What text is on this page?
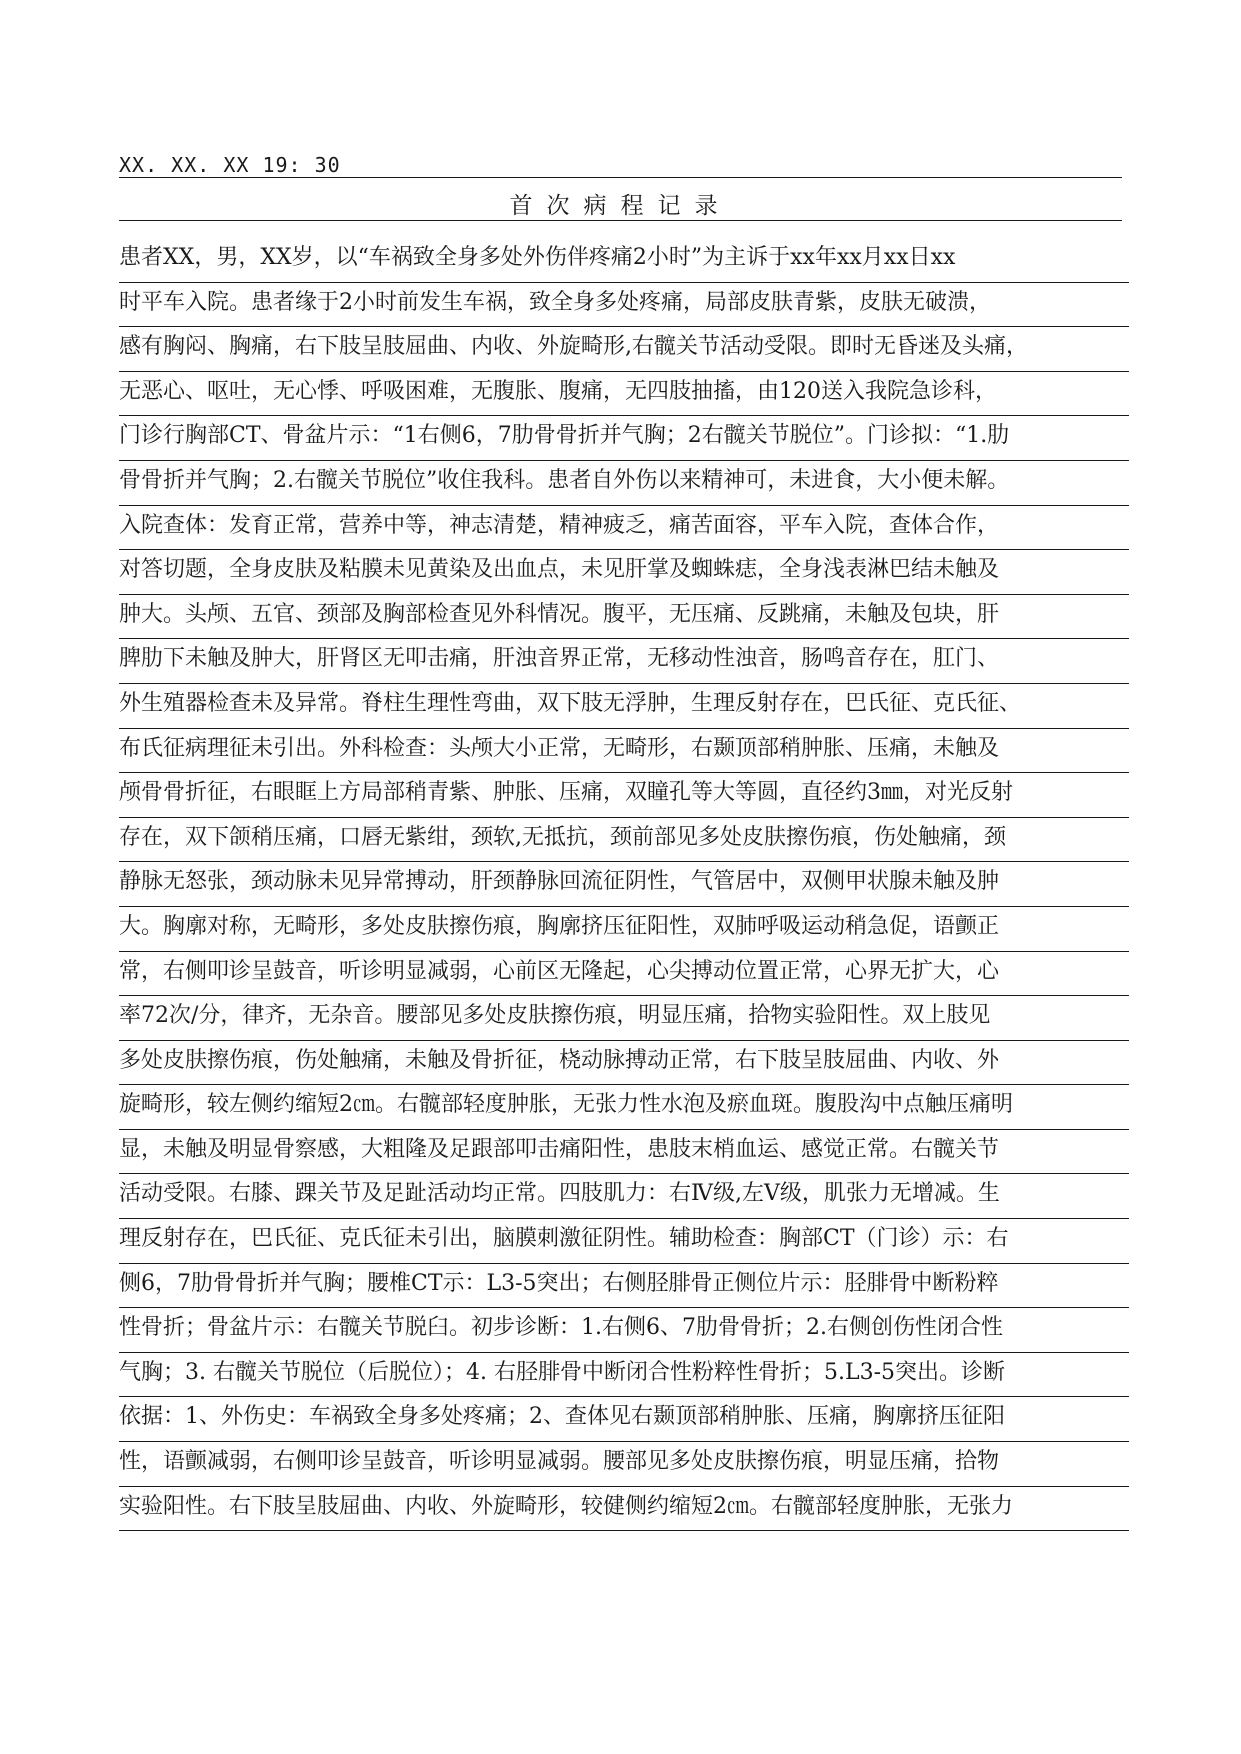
XX. XX. XX 19: 30
首次病程记录
患者XX，男，XX岁，以“车祸致全身多处外伤伴疼痛2小时”为主诉于xx年xx月xx日xx
时平车入院。患者缘于2小时前发生车祸，致全身多处疼痛，局部皮肤青紫，皮肤无破溃，
感有胸闷、胸痛，右下肢呈肢屈曲、内收、外旋畸形,右髋关节活动受限。即时无昏迷及头痛，
无恶心、呕吐，无心悸、呼吸困难，无腹胀、腹痛，无四肢抽搐，由120送入我院急诊科，
门诊行胸部CT、骨盆片示：“1右侧6，7肋骨骨折并气胸；2右髋关节脱位”。门诊拟：“1.肋
骨骨折并气胸；2.右髋关节脱位”收住我科。患者自外伤以来精神可，未进食，大小便未解。
入院查体：发育正常，营养中等，神志清楚，精神疲乏，痛苦面容，平车入院，查体合作，
对答切题，全身皮肤及粘膜未见黄染及出血点，未见肝掌及蜘蛛痣，全身浅表淋巴结未触及
肿大。头颅、五官、颈部及胸部检查见外科情况。腹平，无压痛、反跳痛，未触及包块，肝
脾肋下未触及肿大，肝肾区无叩击痛，肝浊音界正常，无移动性浊音，肠鸣音存在，肛门、
外生殖器检查未及异常。脊柱生理性弯曲，双下肢无浮肿，生理反射存在，巴氏征、克氏征、
布氏征病理征未引出。外科检查：头颅大小正常，无畸形，右颞顶部稍肿胀、压痛，未触及
颅骨骨折征，右眼眶上方局部稍青紫、肿胀、压痛，双瞳孔等大等圆，直径约3㎜，对光反射
存在，双下颌稍压痛，口唇无紫绀，颈软,无抵抗，颈前部见多处皮肤擦伤痕，伤处触痛，颈
静脉无怒张，颈动脉未见异常搏动，肝颈静脉回流征阴性，气管居中，双侧甲状腺未触及肿
大。胸廓对称，无畸形，多处皮肤擦伤痕，胸廓挤压征阳性，双肺呼吸运动稍急促，语颤正
常，右侧叩诊呈鼓音，听诊明显减弱，心前区无隆起，心尖搏动位置正常，心界无扩大，心
率72次/分，律齐，无杂音。腰部见多处皮肤擦伤痕，明显压痛，拾物实验阳性。双上肢见
多处皮肤擦伤痕，伤处触痛，未触及骨折征，桡动脉搏动正常，右下肢呈肢屈曲、内收、外
旋畸形，较左侧约缩短2㎝。右髋部轻度肿胀，无张力性水泡及瘀血斑。腹股沟中点触压痛明
显，未触及明显骨察感，大粗隆及足跟部叩击痛阳性，患肢末梢血运、感觉正常。右髋关节
活动受限。右膝、踝关节及足趾活动均正常。四肢肌力：右Ⅳ级,左Ⅴ级，肌张力无增减。生
理反射存在，巴氏征、克氏征未引出，脑膜刺激征阴性。辅助检查：胸部CT（门诊）示：右
侧6，7肋骨骨折并气胸；腰椎CT示：L3-5突出；右侧胫腓骨正侧位片示：胫腓骨中断粉粹
性骨折；骨盆片示：右髋关节脱臼。初步诊断：1.右侧6、7肋骨骨折；2.右侧创伤性闭合性
气胸；3. 右髋关节脱位（后脱位）；4. 右胫腓骨中断闭合性粉粹性骨折；5.L3-5突出。诊断
依据：1、外伤史：车祸致全身多处疼痛；2、查体见右颞顶部稍肿胀、压痛，胸廓挤压征阳
性，语颤减弱，右侧叩诊呈鼓音，听诊明显减弱。腰部见多处皮肤擦伤痕，明显压痛，拾物
实验阳性。右下肢呈肢屈曲、内收、外旋畸形，较健侧约缩短2㎝。右髋部轻度肿胀，无张力
